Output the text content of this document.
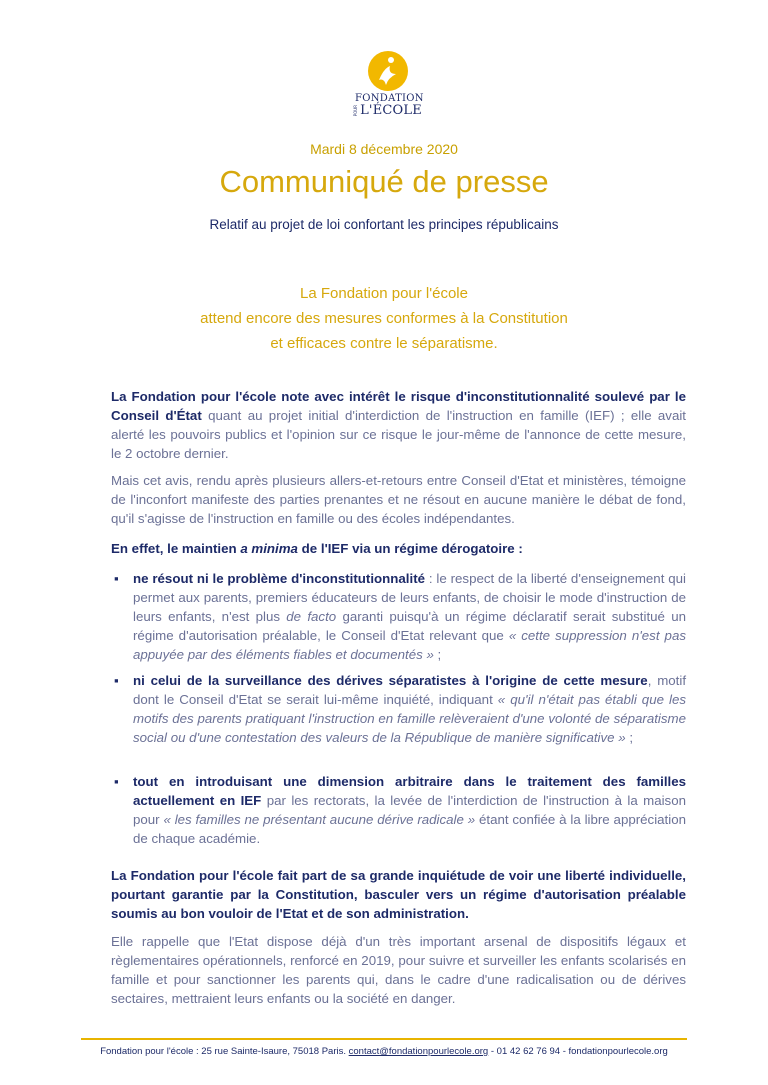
FONDATION
POUR L'ÉCOLE
Mardi 8 décembre 2020
Communiqué de presse
Relatif au projet de loi confortant les principes républicains
La Fondation pour l'école
attend encore des mesures conformes à la Constitution
et efficaces contre le séparatisme.

La Fondation pour l'école note avec intérêt le risque d'inconstitutionnalité soulevé par le Conseil d'État quant au projet initial d'interdiction de l'instruction en famille (IEF) ; elle avait alerté les pouvoirs publics et l'opinion sur ce risque le jour-même de l'annonce de cette mesure, le 2 octobre dernier.

Mais cet avis, rendu après plusieurs allers-et-retours entre Conseil d'Etat et ministères, témoigne de l'inconfort manifeste des parties prenantes et ne résout en aucune manière le débat de fond, qu'il s'agisse de l'instruction en famille ou des écoles indépendantes.

En effet, le maintien a minima de l'IEF via un régime dérogatoire :

▪ ne résout ni le problème d'inconstitutionnalité : le respect de la liberté d'enseignement qui permet aux parents, premiers éducateurs de leurs enfants, de choisir le mode d'instruction de leurs enfants, n'est plus de facto garanti puisqu'à un régime déclaratif serait substitué un régime d'autorisation préalable, le Conseil d'Etat relevant que « cette suppression n'est pas appuyée par des éléments fiables et documentés » ;
▪ ni celui de la surveillance des dérives séparatistes à l'origine de cette mesure, motif dont le Conseil d'Etat se serait lui-même inquiété, indiquant « qu'il n'était pas établi que les motifs des parents pratiquant l'instruction en famille relèveraient d'une volonté de séparatisme social ou d'une contestation des valeurs de la République de manière significative » ;
▪ tout en introduisant une dimension arbitraire dans le traitement des familles actuellement en IEF par les rectorats, la levée de l'interdiction de l'instruction à la maison pour « les familles ne présentant aucune dérive radicale » étant confiée à la libre appréciation de chaque académie.

La Fondation pour l'école fait part de sa grande inquiétude de voir une liberté individuelle, pourtant garantie par la Constitution, basculer vers un régime d'autorisation préalable soumis au bon vouloir de l'Etat et de son administration.

Elle rappelle que l'Etat dispose déjà d'un très important arsenal de dispositifs légaux et règlementaires opérationnels, renforcé en 2019, pour suivre et surveiller les enfants scolarisés en famille et pour sanctionner les parents qui, dans le cadre d'une radicalisation ou de dérives sectaires, mettraient leurs enfants ou la société en danger.

Fondation pour l'école : 25 rue Sainte-Isaure, 75018 Paris. contact@fondationpourlecole.org - 01 42 62 76 94 - fondationpourlecole.org
